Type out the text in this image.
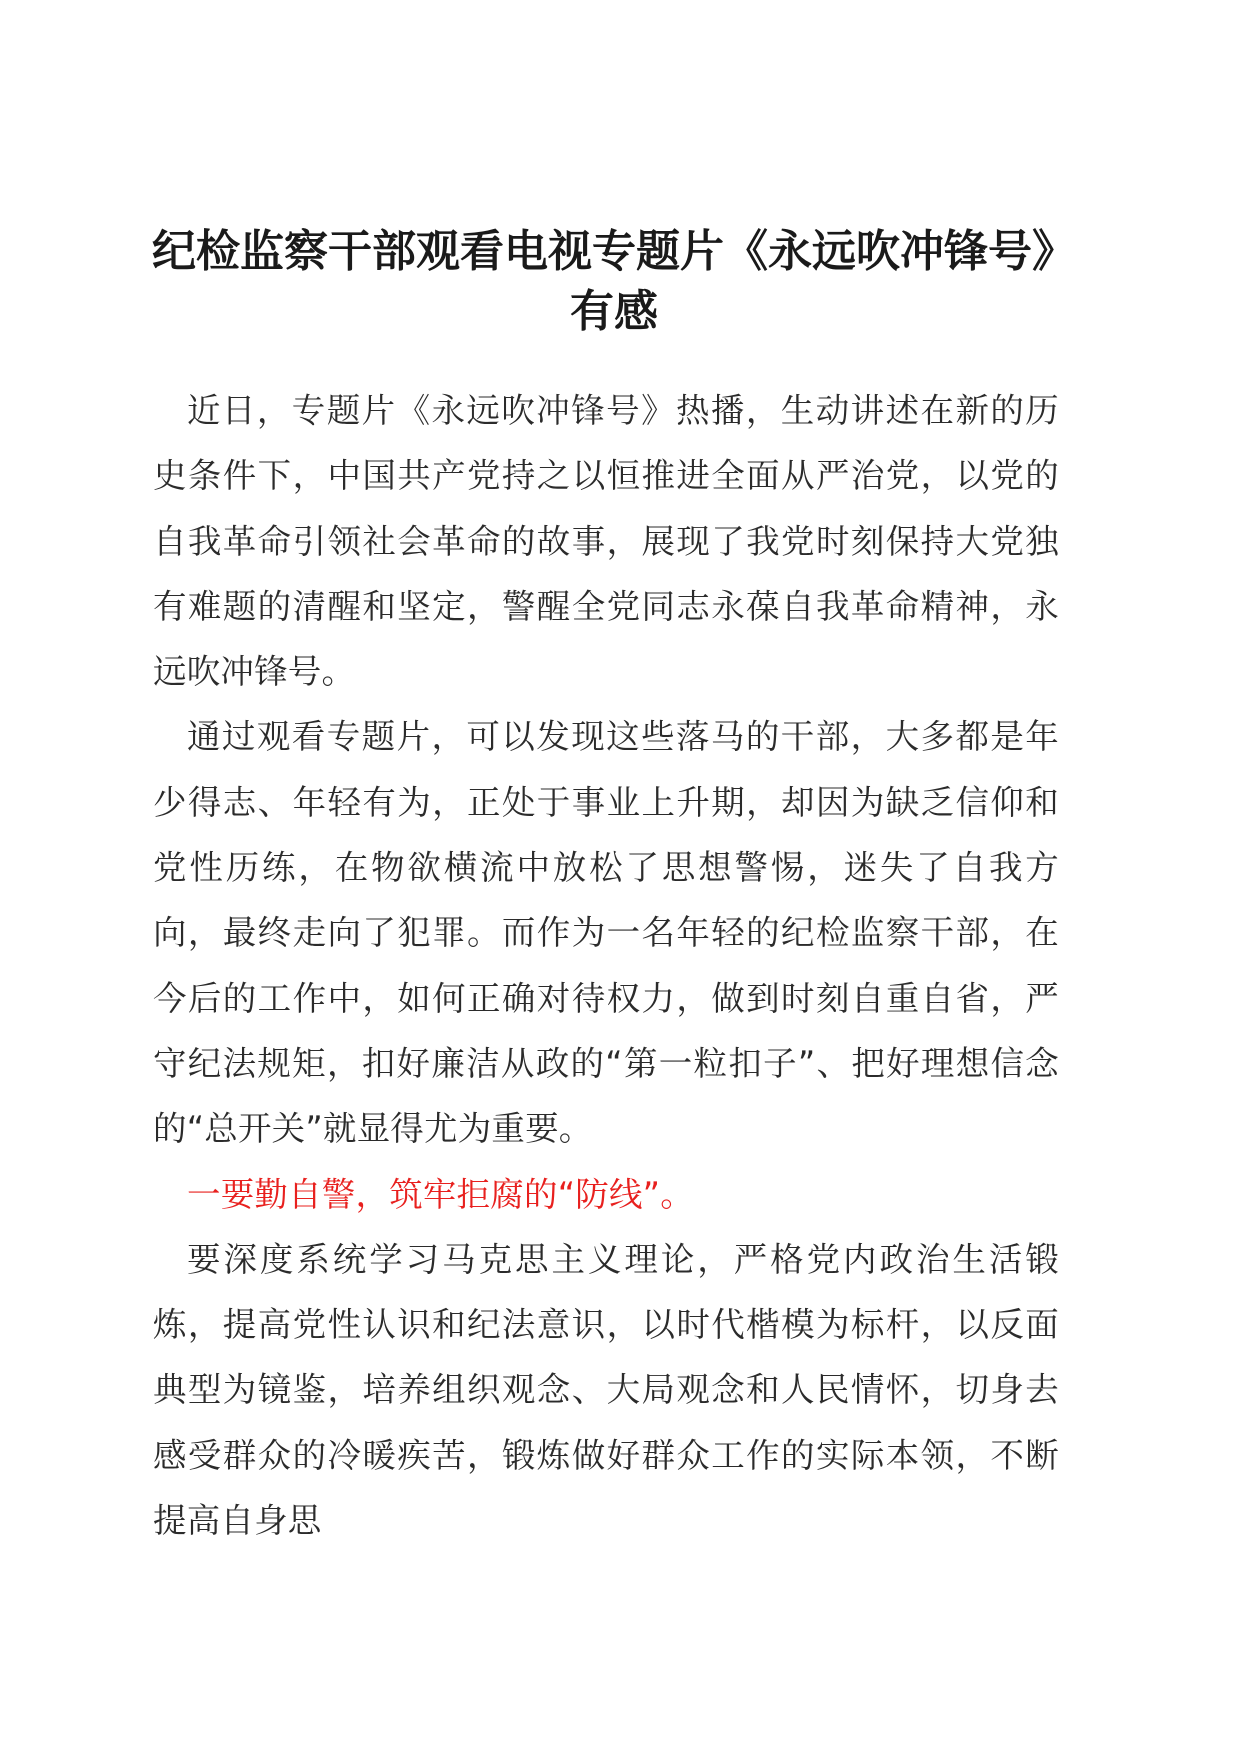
纪检监察干部观看电视专题片《永远吹冲锋号》有感

近日，专题片《永远吹冲锋号》热播，生动讲述在新的历史条件下，中国共产党持之以恒推进全面从严治党，以党的自我革命引领社会革命的故事，展现了我党时刻保持大党独有难题的清醒和坚定，警醒全党同志永葆自我革命精神，永远吹冲锋号。

通过观看专题片，可以发现这些落马的干部，大多都是年少得志、年轻有为，正处于事业上升期，却因为缺乏信仰和党性历练，在物欲横流中放松了思想警惕，迷失了自我方向，最终走向了犯罪。而作为一名年轻的纪检监察干部，在今后的工作中，如何正确对待权力，做到时刻自重自省，严守纪法规矩，扣好廉洁从政的“第一粒扣子”、把好理想信念的“总开关”就显得尤为重要。

一要勤自警，筑牢拒腐的“防线”。

要深度系统学习马克思主义理论，严格党内政治生活锻炼，提高党性认识和纪法意识，以时代楷模为标杆，以反面典型为镜鉴，培养组织观念、大局观念和人民情怀，切身去感受群众的冷暖疾苦，锻炼做好群众工作的实际本领，不断提高自身思
